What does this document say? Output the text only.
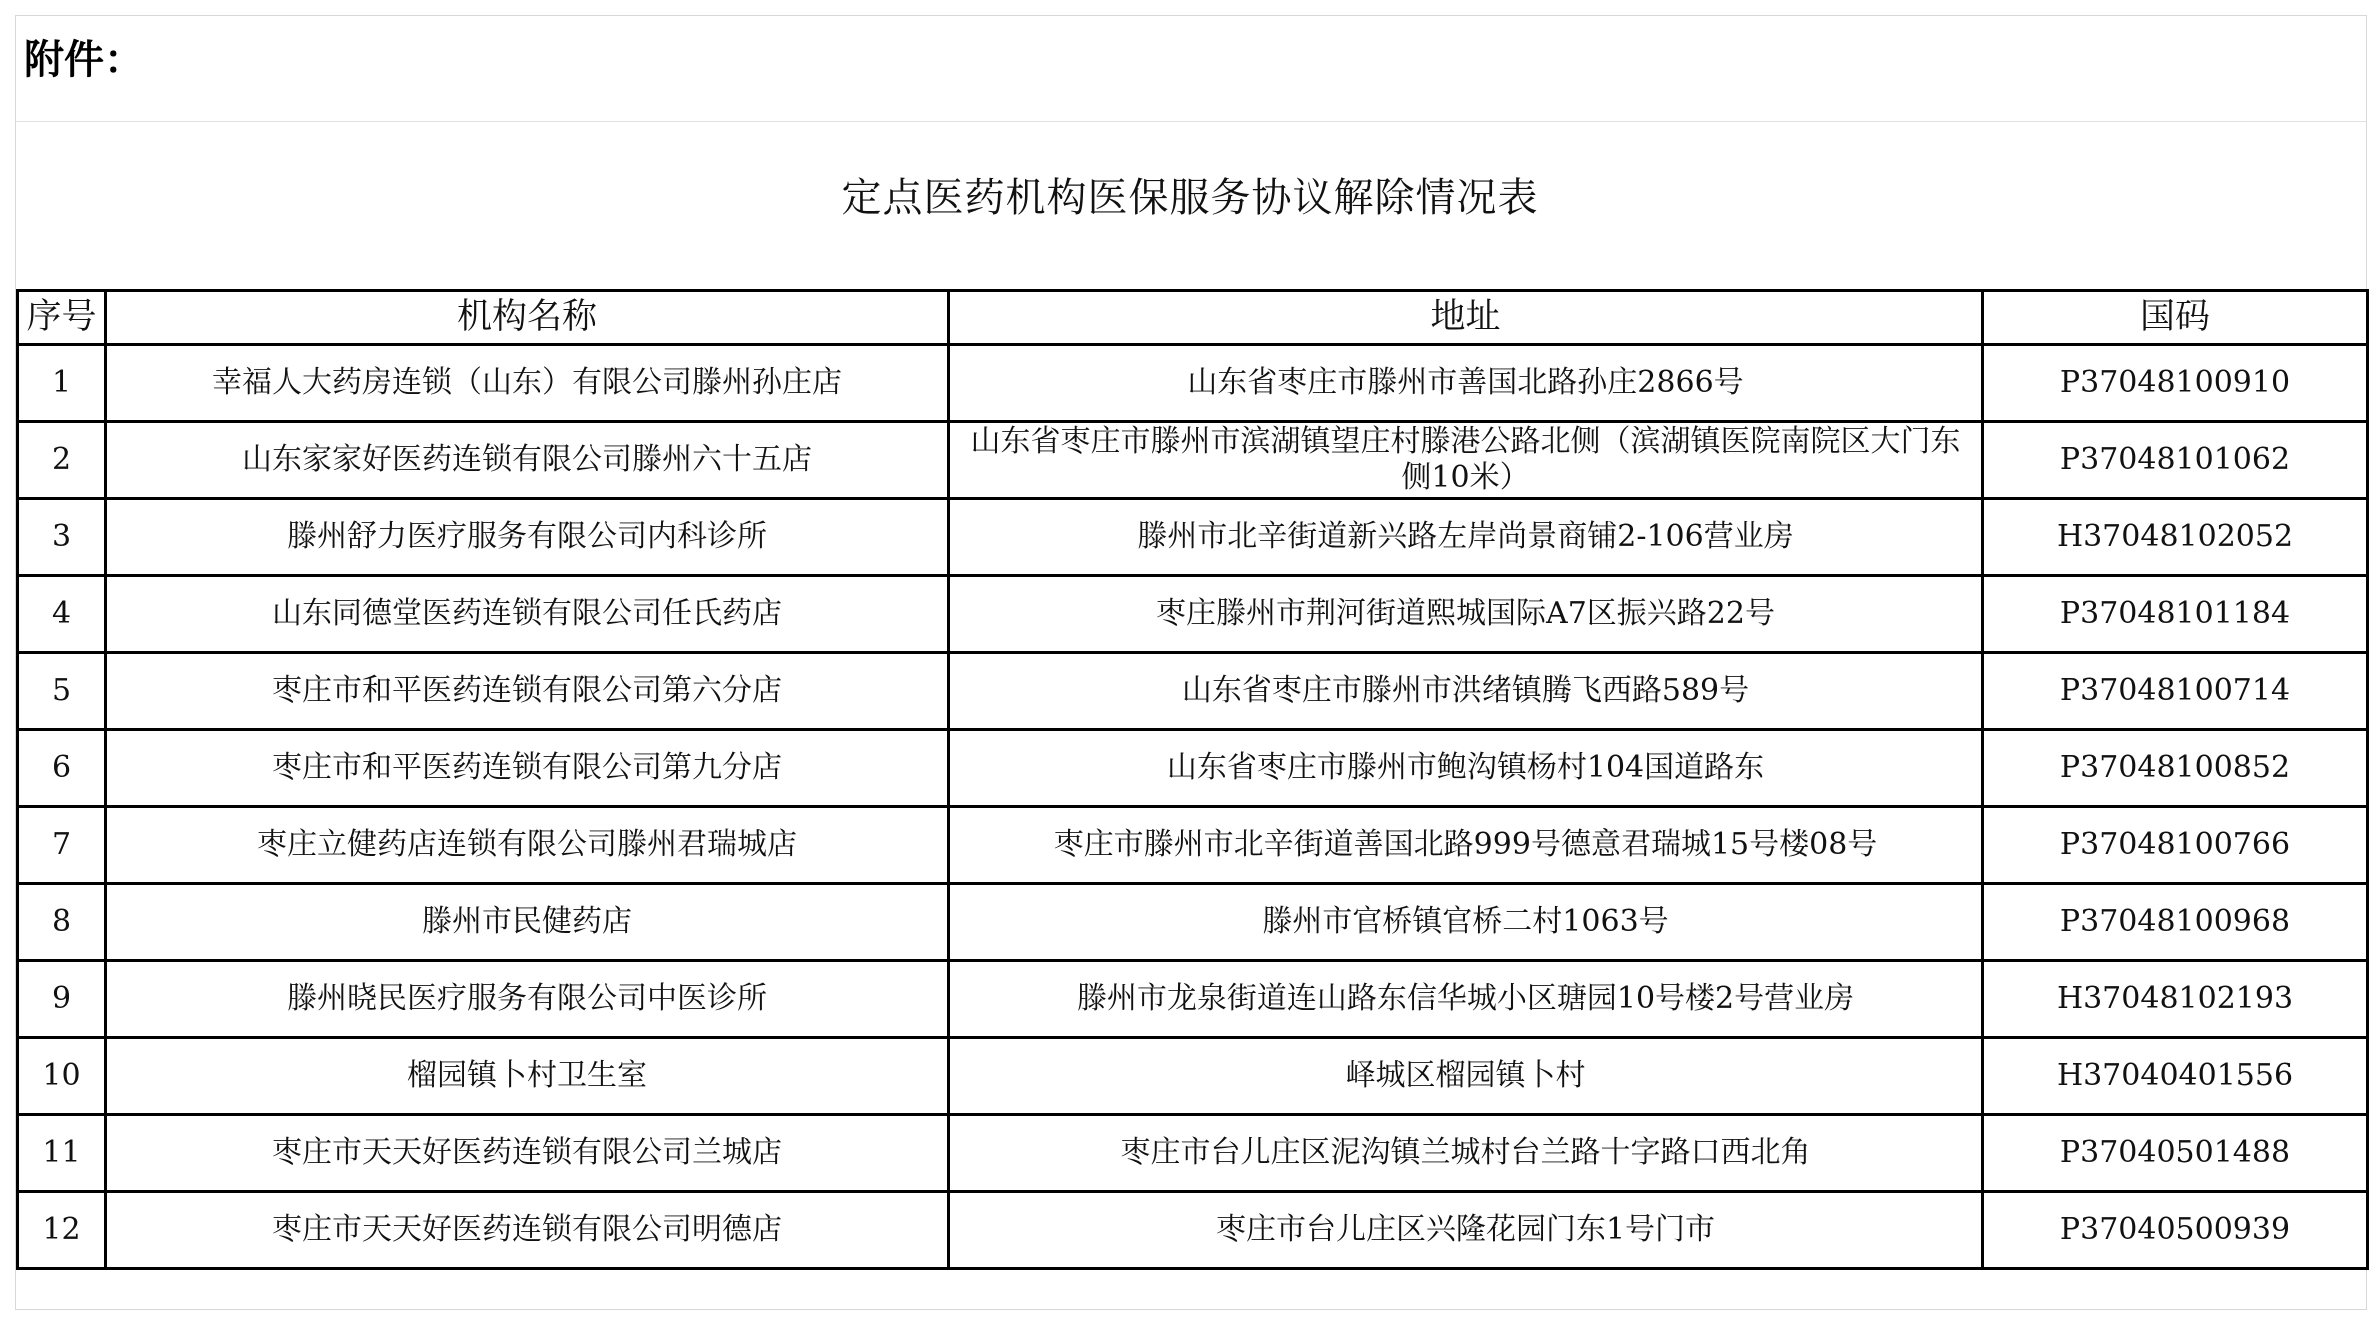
附件：
定点医药机构医保服务协议解除情况表
序号	机构名称	地址	国码
1	幸福人大药房连锁（山东）有限公司滕州孙庄店	山东省枣庄市滕州市善国北路孙庄2866号	P37048100910
2	山东家家好医药连锁有限公司滕州六十五店	山东省枣庄市滕州市滨湖镇望庄村滕港公路北侧（滨湖镇医院南院区大门东侧10米）	P37048101062
3	滕州舒力医疗服务有限公司内科诊所	滕州市北辛街道新兴路左岸尚景商铺2-106营业房	H37048102052
4	山东同德堂医药连锁有限公司任氏药店	枣庄滕州市荆河街道熙城国际A7区振兴路22号	P37048101184
5	枣庄市和平医药连锁有限公司第六分店	山东省枣庄市滕州市洪绪镇腾飞西路589号	P37048100714
6	枣庄市和平医药连锁有限公司第九分店	山东省枣庄市滕州市鲍沟镇杨村104国道路东	P37048100852
7	枣庄立健药店连锁有限公司滕州君瑞城店	枣庄市滕州市北辛街道善国北路999号德意君瑞城15号楼08号	P37048100766
8	滕州市民健药店	滕州市官桥镇官桥二村1063号	P37048100968
9	滕州晓民医疗服务有限公司中医诊所	滕州市龙泉街道连山路东信华城小区瑭园10号楼2号营业房	H37048102193
10	榴园镇卜村卫生室	峄城区榴园镇卜村	H37040401556
11	枣庄市天天好医药连锁有限公司兰城店	枣庄市台儿庄区泥沟镇兰城村台兰路十字路口西北角	P37040501488
12	枣庄市天天好医药连锁有限公司明德店	枣庄市台儿庄区兴隆花园门东1号门市	P37040500939
